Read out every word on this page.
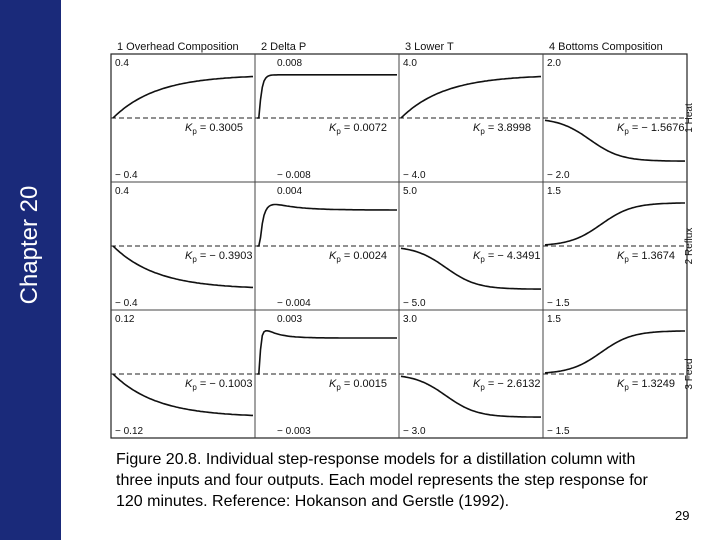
Chapter 20
1 Overhead Composition 2 Delta P	3 Lower T	4 Bottoms Composition
1 Heat
2 Reflux
3 Feed
0.4
− 0.4
$K_p = 0.3005$
0.008
− 0.008
$K_p = 0.0072$
4.0
− 4.0
$K_p = 3.8998$
2.0
− 2.0
$K_p$ = − 1.5676
0.4
− 0.4
$K_p$ = − 0.3903
0.004
− 0.004
$K_p = 0.0024$
5.0
− 5.0
$K_p$ = − 4.3491
1.5
− 1.5
$K_p = 1.3674$
0.12
− 0.12
$K_p$ = − 0.1003
0.003
− 0.003
$K_p = 0.0015$
3.0
− 3.0
$K_p$ = − 2.6132
1.5
− 1.5
$K_p = 1.3249$
Figure 20.8. Individual step-response models for a distillation column with three inputs and four outputs. Each model represents the step response for 120 minutes. Reference: Hokanson and Gerstle (1992).
29
